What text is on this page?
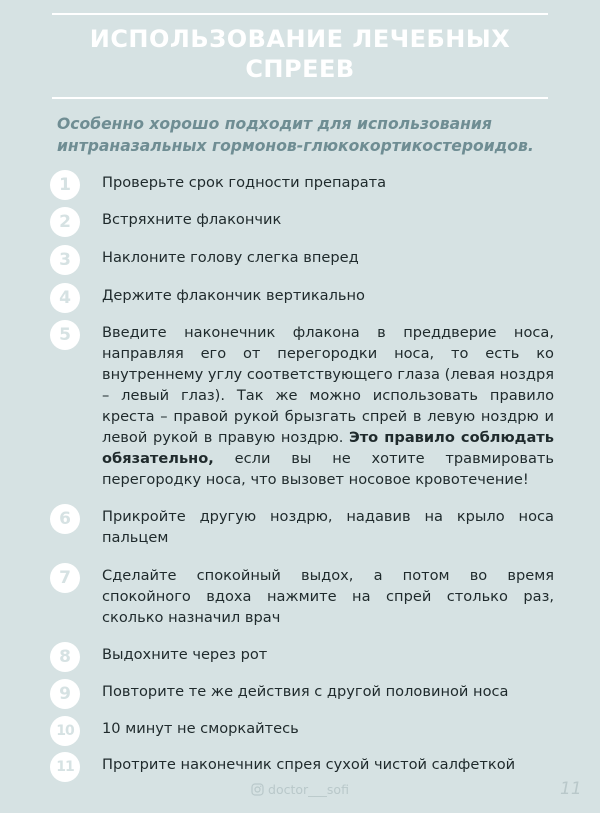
ИСПОЛЬЗОВАНИЕ ЛЕЧЕБНЫХ СПРЕЕВ

Особенно хорошо подходит для использования интраназальных гормонов-глюкокортикостероидов.

1	Проверьте срок годности препарата
2	Встряхните флакончик
3	Наклоните голову слегка вперед
4	Держите флакончик вертикально
5	Введите наконечник флакона в преддверие носа, направляя его от перегородки носа, то есть ко внутреннему углу соответствующего глаза (левая ноздря – левый глаз). Так же можно использовать правило креста – правой рукой брызгать спрей в левую ноздрю и левой рукой в правую ноздрю. Это правило соблюдать обязательно, если вы не хотите травмировать перегородку носа, что вызовет носовое кровотечение!
6	Прикройте другую ноздрю, надавив на крыло носа пальцем
7	Сделайте спокойный выдох, а потом во время спокойного вдоха нажмите на спрей столько раз, сколько назначил врач
8	Выдохните через рот
9	Повторите те же действия с другой половиной носа
10	10 минут не сморкайтесь
11	Протрите наконечник спрея сухой чистой салфеткой
doctor___sofi	11
